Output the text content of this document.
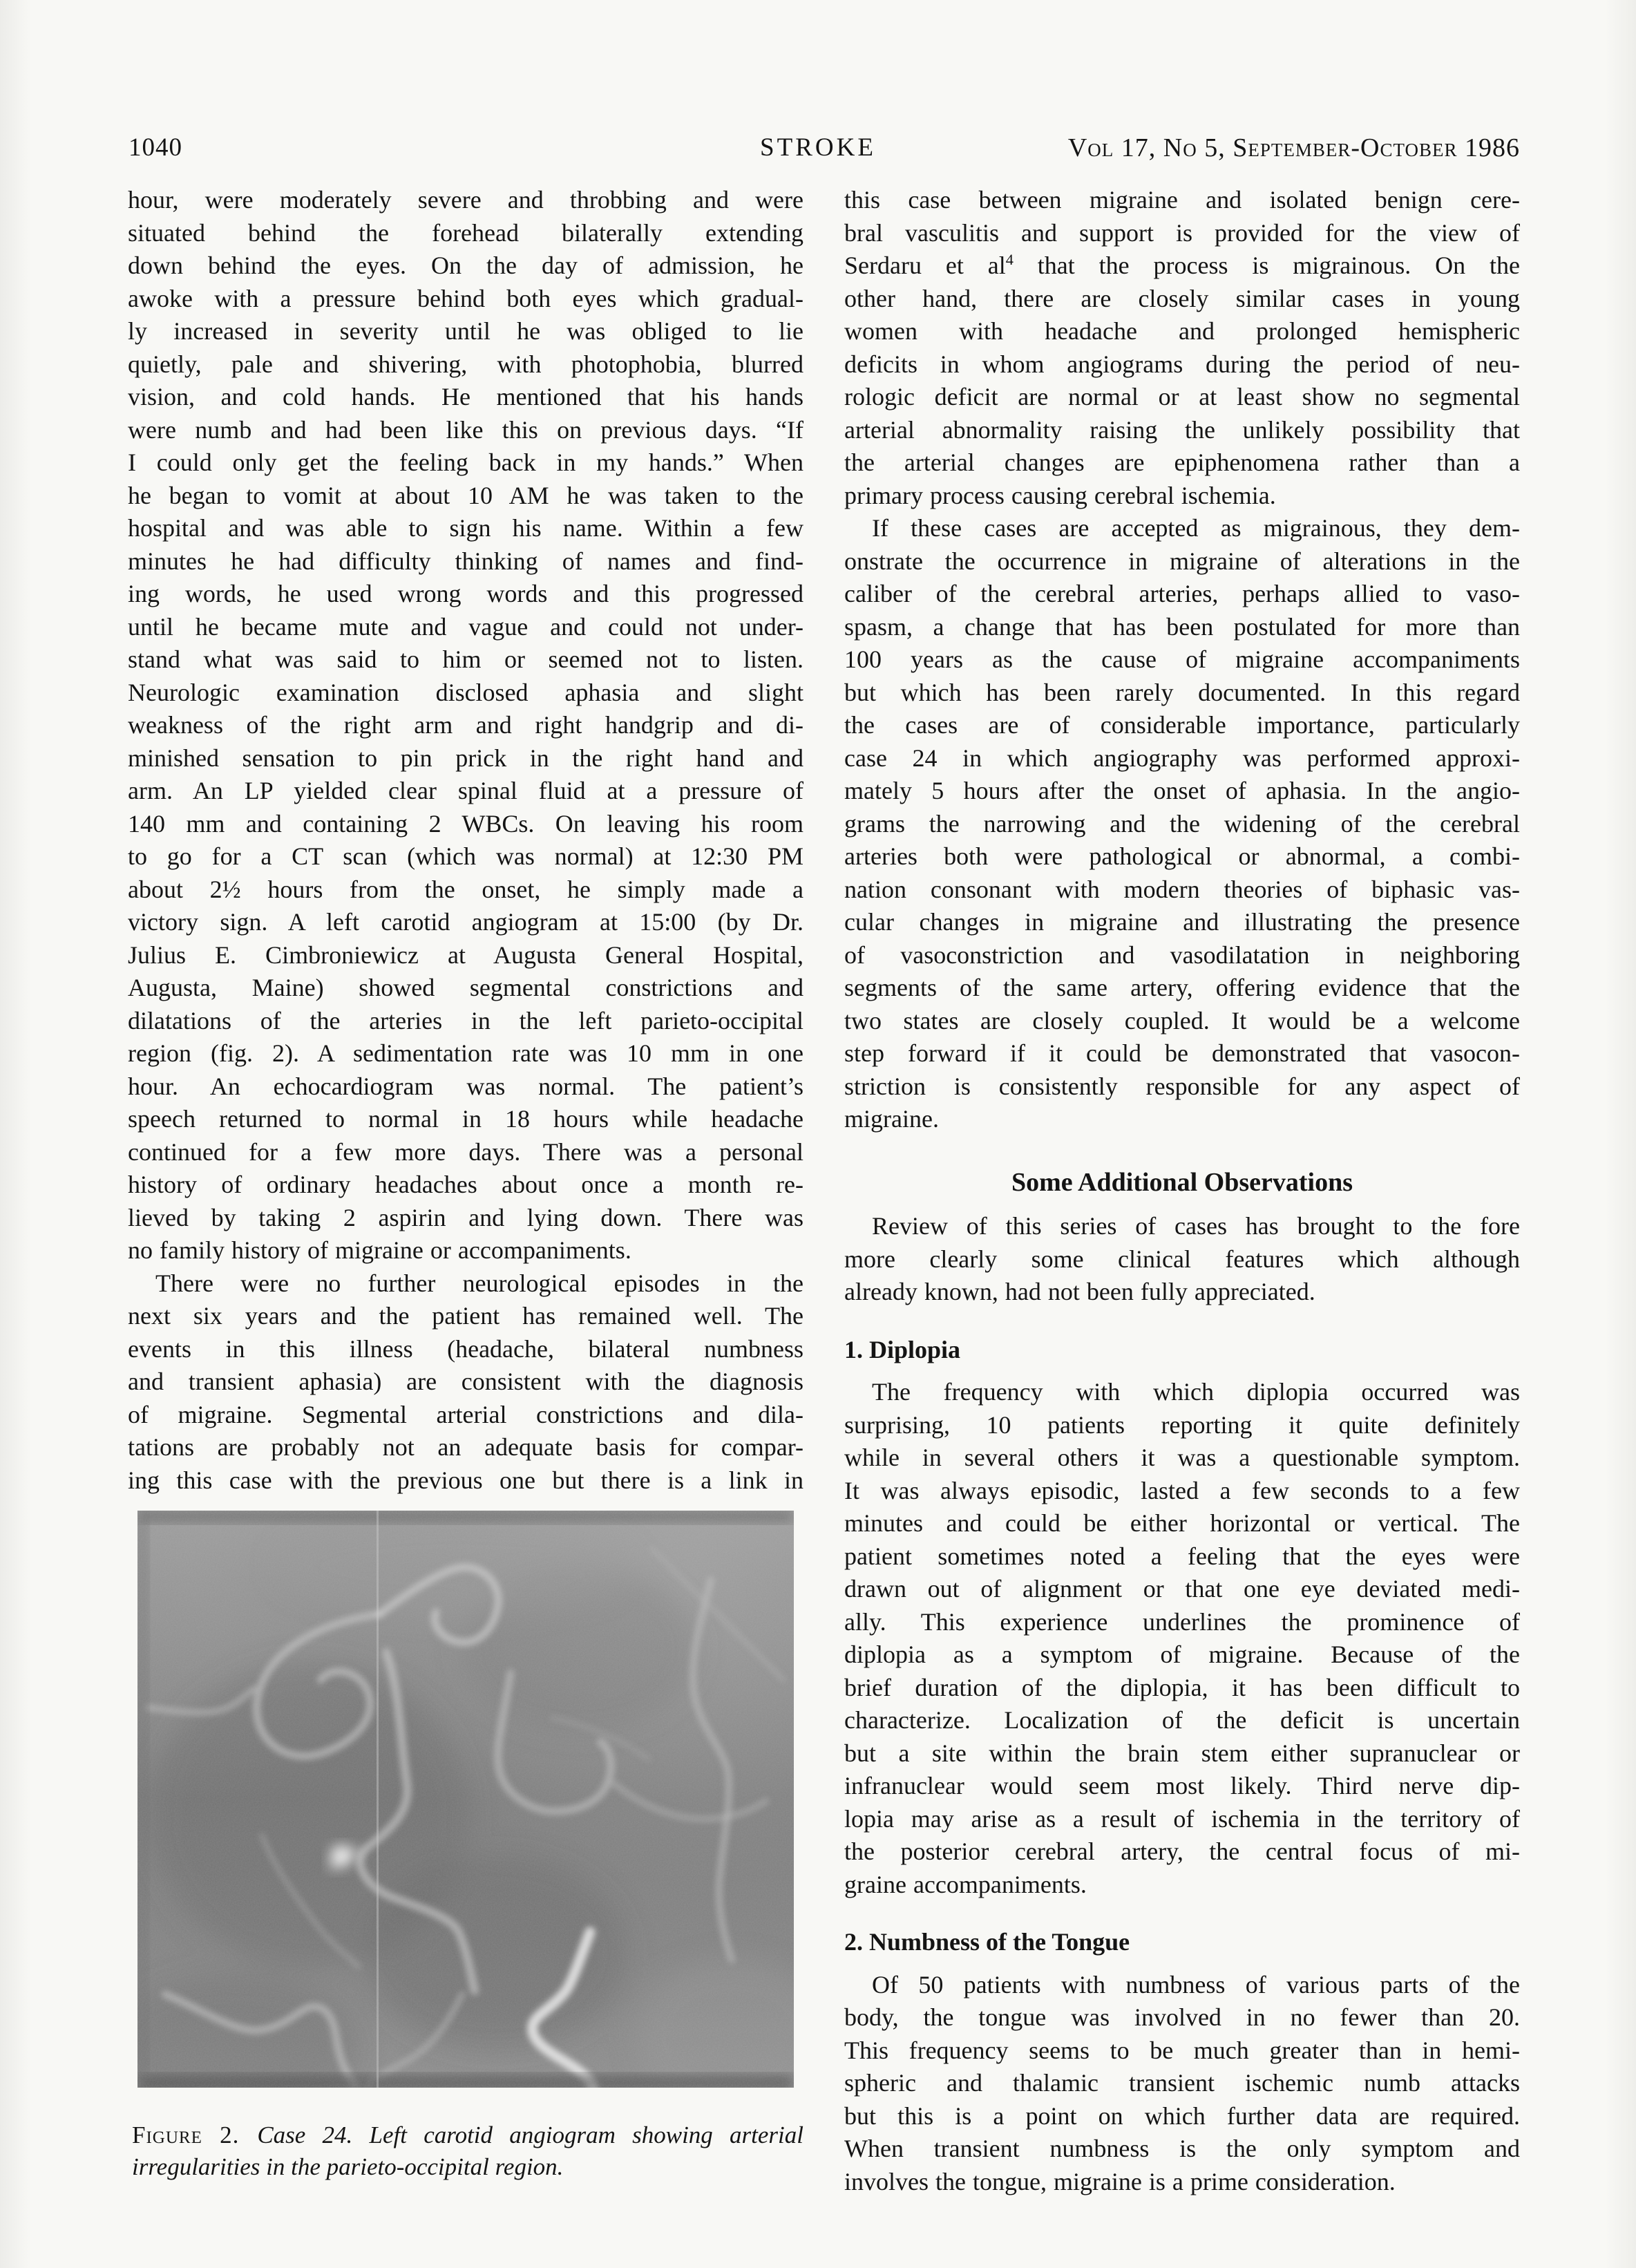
1040	STROKE	Vol 17, No 5, September-October 1986
hour, were moderately severe and throbbing and were
situated behind the forehead bilaterally extending
down behind the eyes. On the day of admission, he
awoke with a pressure behind both eyes which gradual-
ly increased in severity until he was obliged to lie
quietly, pale and shivering, with photophobia, blurred
vision, and cold hands. He mentioned that his hands
were numb and had been like this on previous days. “If
I could only get the feeling back in my hands.” When
he began to vomit at about 10 AM he was taken to the
hospital and was able to sign his name. Within a few
minutes he had difficulty thinking of names and find-
ing words, he used wrong words and this progressed
until he became mute and vague and could not under-
stand what was said to him or seemed not to listen.
Neurologic examination disclosed aphasia and slight
weakness of the right arm and right handgrip and di-
minished sensation to pin prick in the right hand and
arm. An LP yielded clear spinal fluid at a pressure of
140 mm and containing 2 WBCs. On leaving his room
to go for a CT scan (which was normal) at 12:30 PM
about 2½ hours from the onset, he simply made a
victory sign. A left carotid angiogram at 15:00 (by Dr.
Julius E. Cimbroniewicz at Augusta General Hospital,
Augusta, Maine) showed segmental constrictions and
dilatations of the arteries in the left parieto-occipital
region (fig. 2). A sedimentation rate was 10 mm in one
hour. An echocardiogram was normal. The patient’s
speech returned to normal in 18 hours while headache
continued for a few more days. There was a personal
history of ordinary headaches about once a month re-
lieved by taking 2 aspirin and lying down. There was
no family history of migraine or accompaniments.
There were no further neurological episodes in the
next six years and the patient has remained well. The
events in this illness (headache, bilateral numbness
and transient aphasia) are consistent with the diagnosis
of migraine. Segmental arterial constrictions and dila-
tations are probably not an adequate basis for compar-
ing this case with the previous one but there is a link in
Figure 2. Case 24. Left carotid angiogram showing arterial irregularities in the parieto-occipital region.
this case between migraine and isolated benign cere-
bral vasculitis and support is provided for the view of
Serdaru et $al^4$ that the process is migrainous. On the
other hand, there are closely similar cases in young
women with headache and prolonged hemispheric
deficits in whom angiograms during the period of neu-
rologic deficit are normal or at least show no segmental
arterial abnormality raising the unlikely possibility that
the arterial changes are epiphenomena rather than a
primary process causing cerebral ischemia.
If these cases are accepted as migrainous, they dem-
onstrate the occurrence in migraine of alterations in the
caliber of the cerebral arteries, perhaps allied to vaso-
spasm, a change that has been postulated for more than
100 years as the cause of migraine accompaniments
but which has been rarely documented. In this regard
the cases are of considerable importance, particularly
case 24 in which angiography was performed approxi-
mately 5 hours after the onset of aphasia. In the angio-
grams the narrowing and the widening of the cerebral
arteries both were pathological or abnormal, a combi-
nation consonant with modern theories of biphasic vas-
cular changes in migraine and illustrating the presence
of vasoconstriction and vasodilatation in neighboring
segments of the same artery, offering evidence that the
two states are closely coupled. It would be a welcome
step forward if it could be demonstrated that vasocon-
striction is consistently responsible for any aspect of
migraine.
Some Additional Observations
Review of this series of cases has brought to the fore
more clearly some clinical features which although
already known, had not been fully appreciated.
1. Diplopia
The frequency with which diplopia occurred was
surprising, 10 patients reporting it quite definitely
while in several others it was a questionable symptom.
It was always episodic, lasted a few seconds to a few
minutes and could be either horizontal or vertical. The
patient sometimes noted a feeling that the eyes were
drawn out of alignment or that one eye deviated medi-
ally. This experience underlines the prominence of
diplopia as a symptom of migraine. Because of the
brief duration of the diplopia, it has been difficult to
characterize. Localization of the deficit is uncertain
but a site within the brain stem either supranuclear or
infranuclear would seem most likely. Third nerve dip-
lopia may arise as a result of ischemia in the territory of
the posterior cerebral artery, the central focus of mi-
graine accompaniments.
2. Numbness of the Tongue
Of 50 patients with numbness of various parts of the
body, the tongue was involved in no fewer than 20.
This frequency seems to be much greater than in hemi-
spheric and thalamic transient ischemic numb attacks
but this is a point on which further data are required.
When transient numbness is the only symptom and
involves the tongue, migraine is a prime consideration.
